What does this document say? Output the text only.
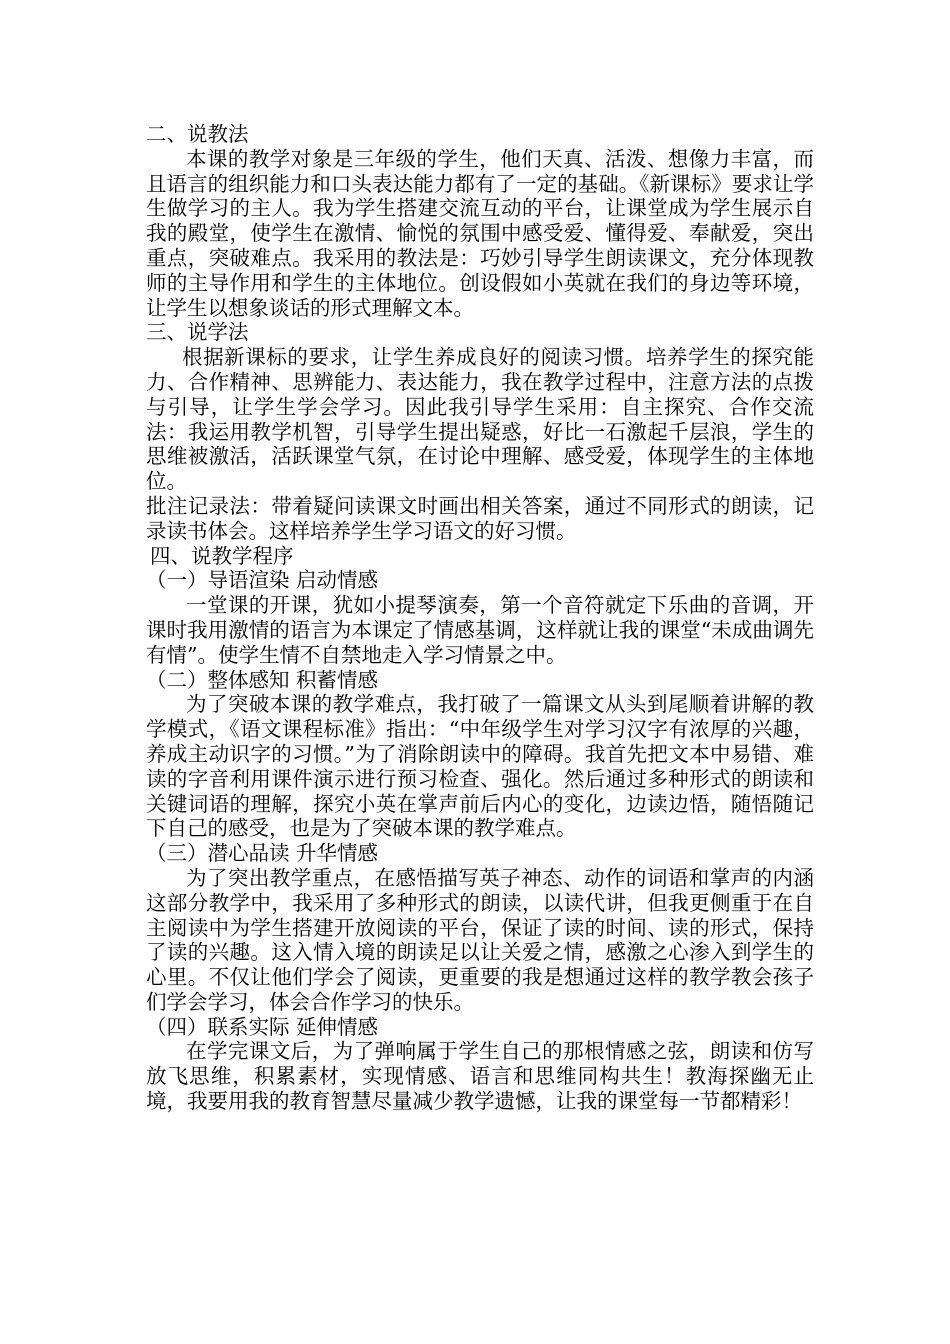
二、说教法

本课的教学对象是三年级的学生，他们天真、活泼、想像力丰富，而且语言的组织能力和口头表达能力都有了一定的基础。《新课标》要求让学生做学习的主人。我为学生搭建交流互动的平台，让课堂成为学生展示自我的殿堂，使学生在激情、愉悦的氛围中感受爱、懂得爱、奉献爱，突出重点，突破难点。我采用的教法是：巧妙引导学生朗读课文，充分体现教师的主导作用和学生的主体地位。创设假如小英就在我们的身边等环境，让学生以想象谈话的形式理解文本。

三、说学法

根据新课标的要求，让学生养成良好的阅读习惯。培养学生的探究能力、合作精神、思辨能力、表达能力，我在教学过程中，注意方法的点拨与引导，让学生学会学习。因此我引导学生采用：自主探究、合作交流法：我运用教学机智，引导学生提出疑惑，好比一石激起千层浪，学生的思维被激活，活跃课堂气氛，在讨论中理解、感受爱，体现学生的主体地位。

批注记录法：带着疑问读课文时画出相关答案，通过不同形式的朗读，记录读书体会。这样培养学生学习语文的好习惯。

四、说教学程序
（一）导语渲染 启动情感

一堂课的开课，犹如小提琴演奏，第一个音符就定下乐曲的音调，开课时我用激情的语言为本课定了情感基调，这样就让我的课堂“未成曲调先有情”。使学生情不自禁地走入学习情景之中。

（二）整体感知 积蓄情感

为了突破本课的教学难点，我打破了一篇课文从头到尾顺着讲解的教学模式，《语文课程标准》指出：“中年级学生对学习汉字有浓厚的兴趣，养成主动识字的习惯。”为了消除朗读中的障碍。我首先把文本中易错、难读的字音利用课件演示进行预习检查、强化。然后通过多种形式的朗读和关键词语的理解，探究小英在掌声前后内心的变化，边读边悟，随悟随记下自己的感受，也是为了突破本课的教学难点。

（三）潜心品读 升华情感

为了突出教学重点，在感悟描写英子神态、动作的词语和掌声的内涵这部分教学中，我采用了多种形式的朗读，以读代讲，但我更侧重于在自主阅读中为学生搭建开放阅读的平台，保证了读的时间、读的形式，保持了读的兴趣。这入情入境的朗读足以让关爱之情，感激之心渗入到学生的心里。不仅让他们学会了阅读，更重要的我是想通过这样的教学教会孩子们学会学习，体会合作学习的快乐。

（四）联系实际 延伸情感

在学完课文后，为了弹响属于学生自己的那根情感之弦，朗读和仿写放飞思维，积累素材，实现情感、语言和思维同构共生！教海探幽无止境，我要用我的教育智慧尽量减少教学遗憾，让我的课堂每一节都精彩！
